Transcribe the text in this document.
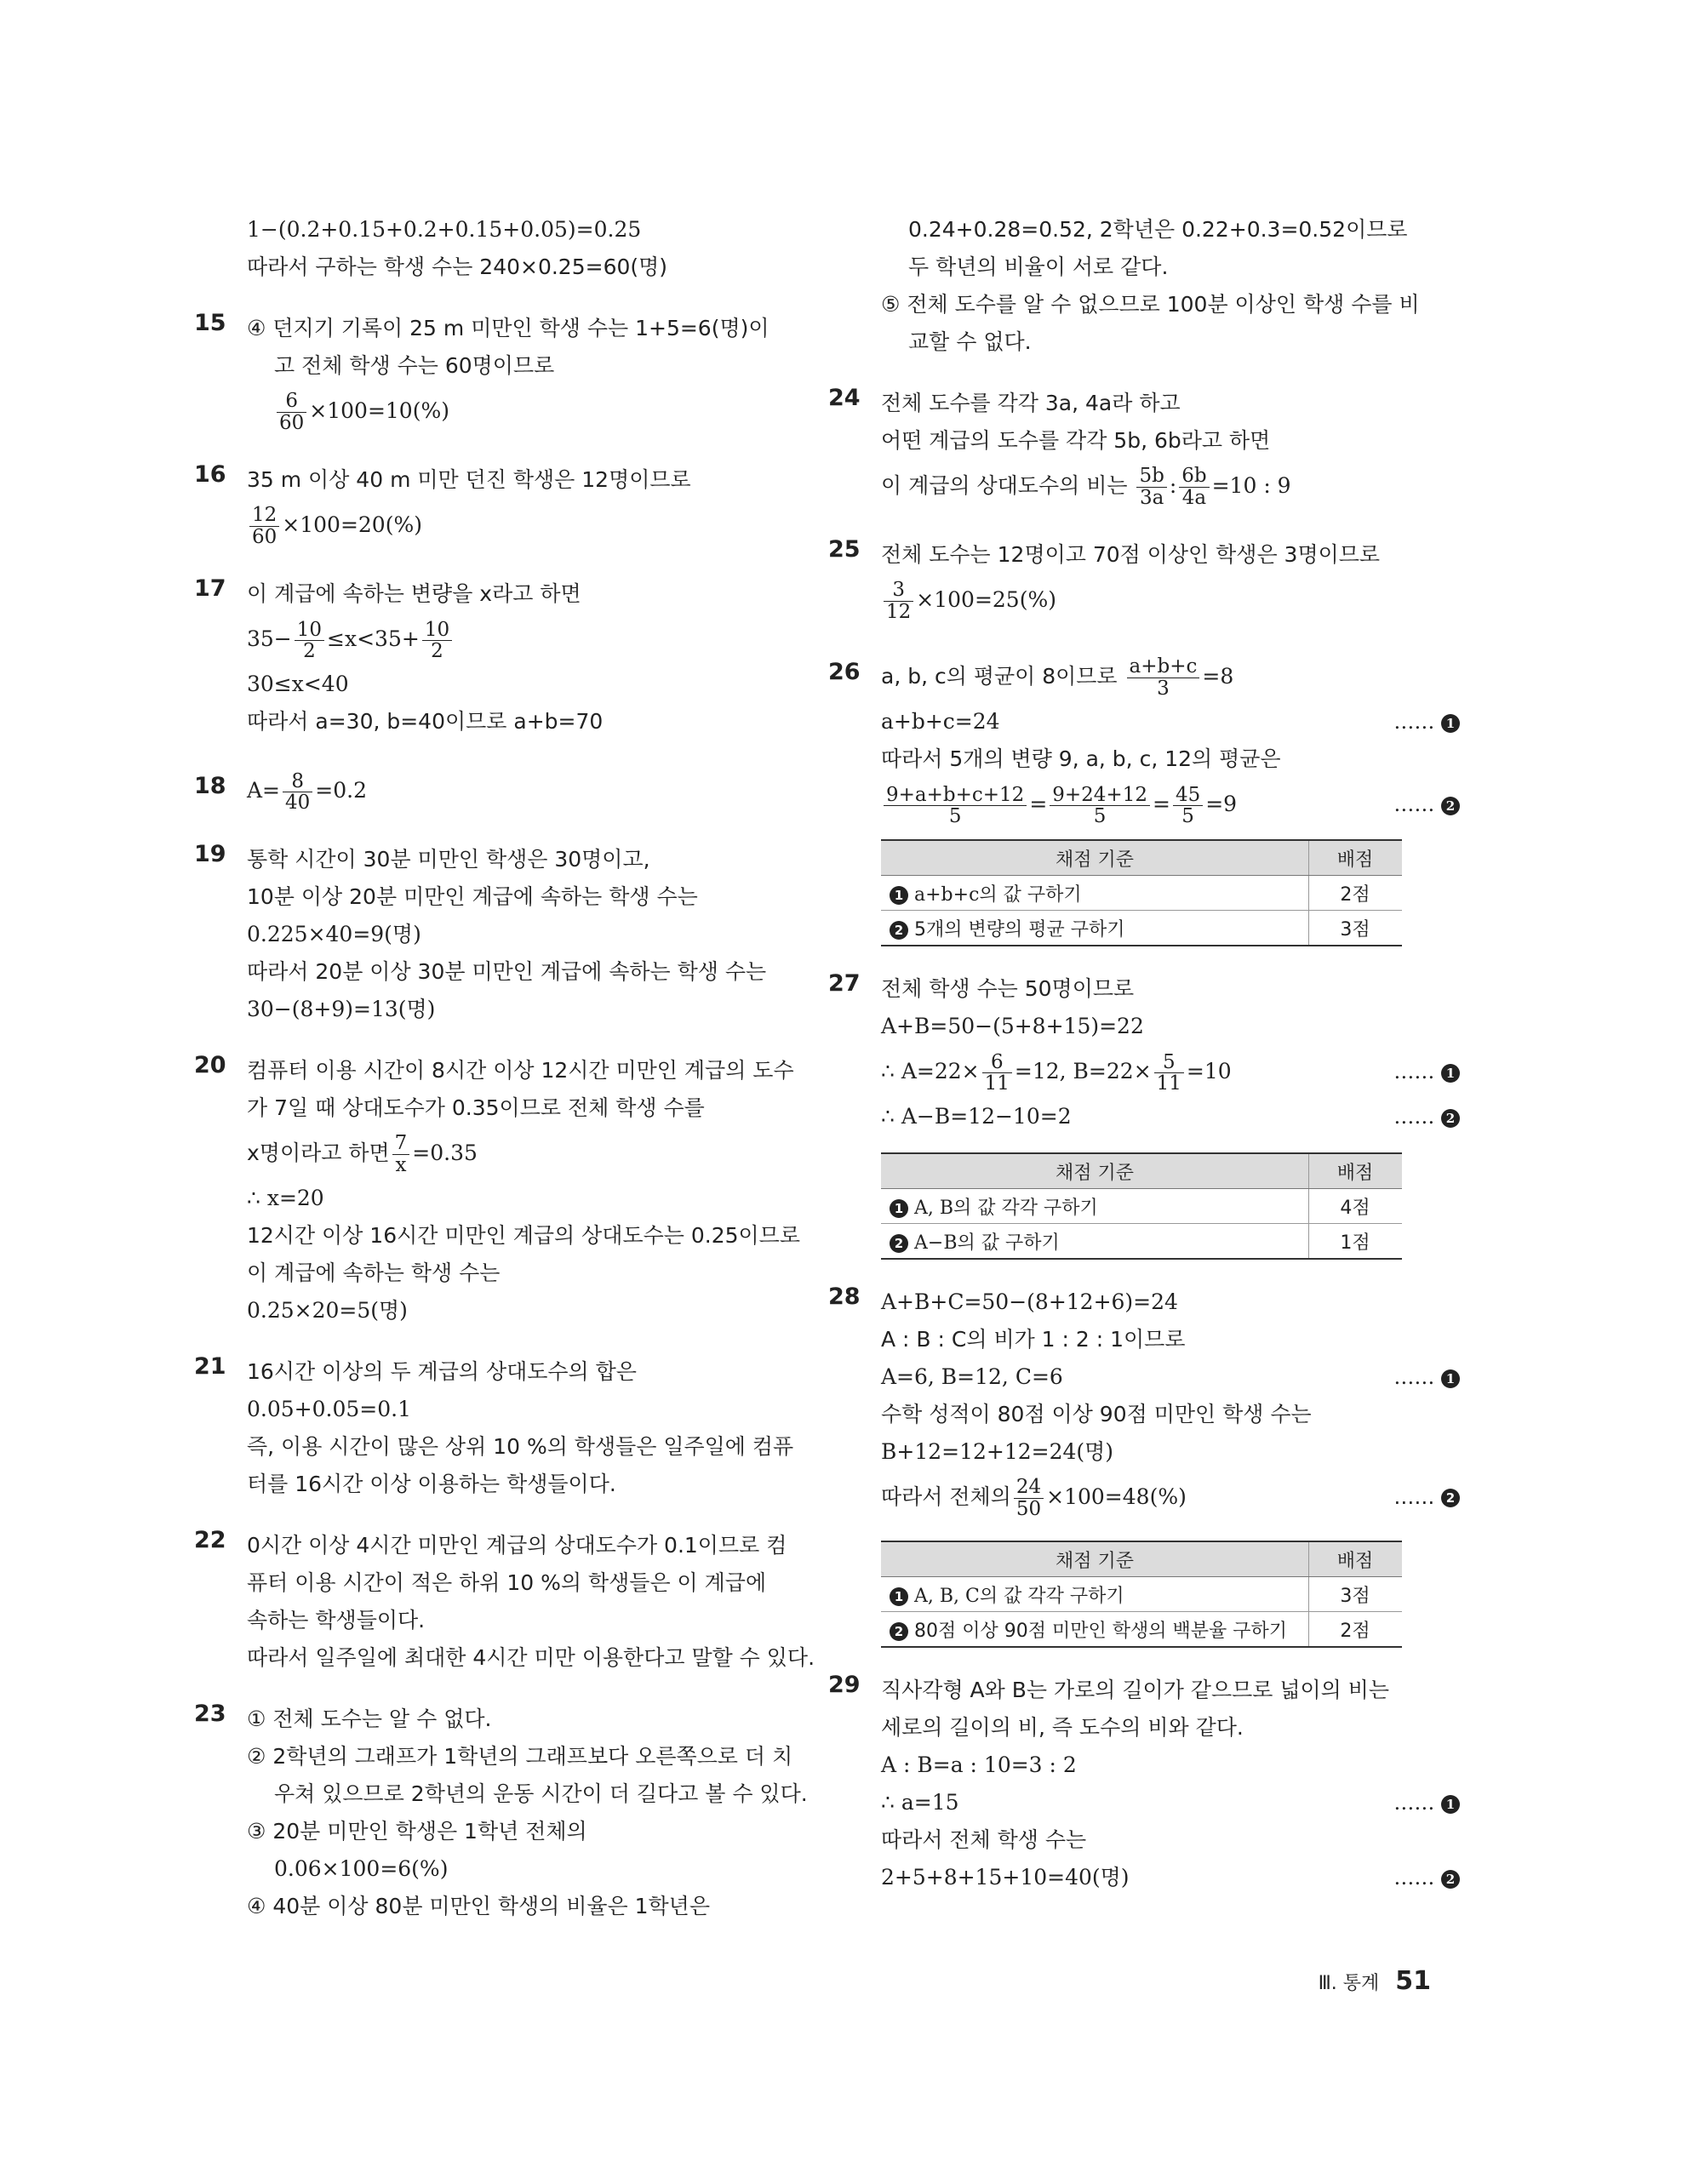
1−(0.2+0.15+0.2+0.15+0.05)=0.25
따라서 구하는 학생 수는 240×0.25=60(명)
15 ④ 던지기 기록이 25 m 미만인 학생 수는 1+5=6(명)이
고 전체 학생 수는 60명이므로
$\frac{6}{60} \times 100=10(\%)$
16 35 m 이상 40 m 미만 던진 학생은 12명이므로
$\frac{12}{60} \times 100=20(\%)$
17 이 계급에 속하는 변량을 x라고 하면
$35- \frac{10}{2} \le x<35+ \frac{10}{2}$
30≤x<40
따라서 a=30, b=40이므로 a+b=70
18 $A= \frac{8}{40} =0.2$
19 통학 시간이 30분 미만인 학생은 30명이고,
10분 이상 20분 미만인 계급에 속하는 학생 수는
0.225×40=9(명)
따라서 20분 이상 30분 미만인 계급에 속하는 학생 수는
30−(8+9)=13(명)
20 컴퓨터 이용 시간이 8시간 이상 12시간 미만인 계급의 도수
가 7일 때 상대도수가 0.35이므로 전체 학생 수를
x명이라고 하면 $\frac{7}{x} =0.35$
∴ x=20
12시간 이상 16시간 미만인 계급의 상대도수는 0.25이므로
이 계급에 속하는 학생 수는
0.25×20=5(명)
21 16시간 이상의 두 계급의 상대도수의 합은
0.05+0.05=0.1
즉, 이용 시간이 많은 상위 10 %의 학생들은 일주일에 컴퓨
터를 16시간 이상 이용하는 학생들이다.
22 0시간 이상 4시간 미만인 계급의 상대도수가 0.1이므로 컴
퓨터 이용 시간이 적은 하위 10 %의 학생들은 이 계급에
속하는 학생들이다.
따라서 일주일에 최대한 4시간 미만 이용한다고 말할 수 있다.
23 ① 전체 도수는 알 수 없다.
② 2학년의 그래프가 1학년의 그래프보다 오른쪽으로 더 치
우쳐 있으므로 2학년의 운동 시간이 더 길다고 볼 수 있다.
③ 20분 미만인 학생은 1학년 전체의
0.06×100=6(%)
④ 40분 이상 80분 미만인 학생의 비율은 1학년은
0.24+0.28=0.52, 2학년은 0.22+0.3=0.52이므로
두 학년의 비율이 서로 같다.
⑤ 전체 도수를 알 수 없으므로 100분 이상인 학생 수를 비
교할 수 없다.
24 전체 도수를 각각 3a, 4a라 하고
어떤 계급의 도수를 각각 5b, 6b라고 하면
이 계급의 상대도수의 비는 $\frac{5b}{3a}$ : $\frac{6b}{4a} =10$ : 9
25 전체 도수는 12명이고 70점 이상인 학생은 3명이므로
$\frac{3}{12} \times 100=25(\%)$
26 a, b, c의 평균이 8이므로 $\frac{a+b+c}{3} =8$
a+b+c=24	…… 1
따라서 5개의 변량 9, a, b, c, 12의 평균은
$\frac{9+a+b+c+12}{5} = \frac{9+24+12}{5} = \frac{45}{5} =9$	…… 2
채점 기준	배점
1 a+b+c의 값 구하기	2점
2 5개의 변량의 평균 구하기	3점
27 전체 학생 수는 50명이므로
A+B=50−(5+8+15)=22
∴ $A=22\times \frac{6}{11} =12$, $B=22\times \frac{5}{11} =10$	…… 1
∴ A−B=12−10=2	…… 2
채점 기준	배점
1 A, B의 값 각각 구하기	4점
2 A−B의 값 구하기	1점
28 A+B+C=50−(8+12+6)=24
A : B : C의 비가 1 : 2 : 1이므로
A=6, B=12, C=6	…… 1
수학 성적이 80점 이상 90점 미만인 학생 수는
B+12=12+12=24(명)
따라서 전체의 $\frac{24}{50} \times 100=48(\%)$	…… 2
채점 기준	배점
1 A, B, C의 값 각각 구하기	3점
2 80점 이상 90점 미만인 학생의 백분율 구하기	2점
29 직사각형 A와 B는 가로의 길이가 같으므로 넓이의 비는
세로의 길이의 비, 즉 도수의 비와 같다.
A : B=a : 10=3 : 2
∴ a=15	…… 1
따라서 전체 학생 수는
2+5+8+15+10=40(명)	…… 2
Ⅲ. 통계 51
